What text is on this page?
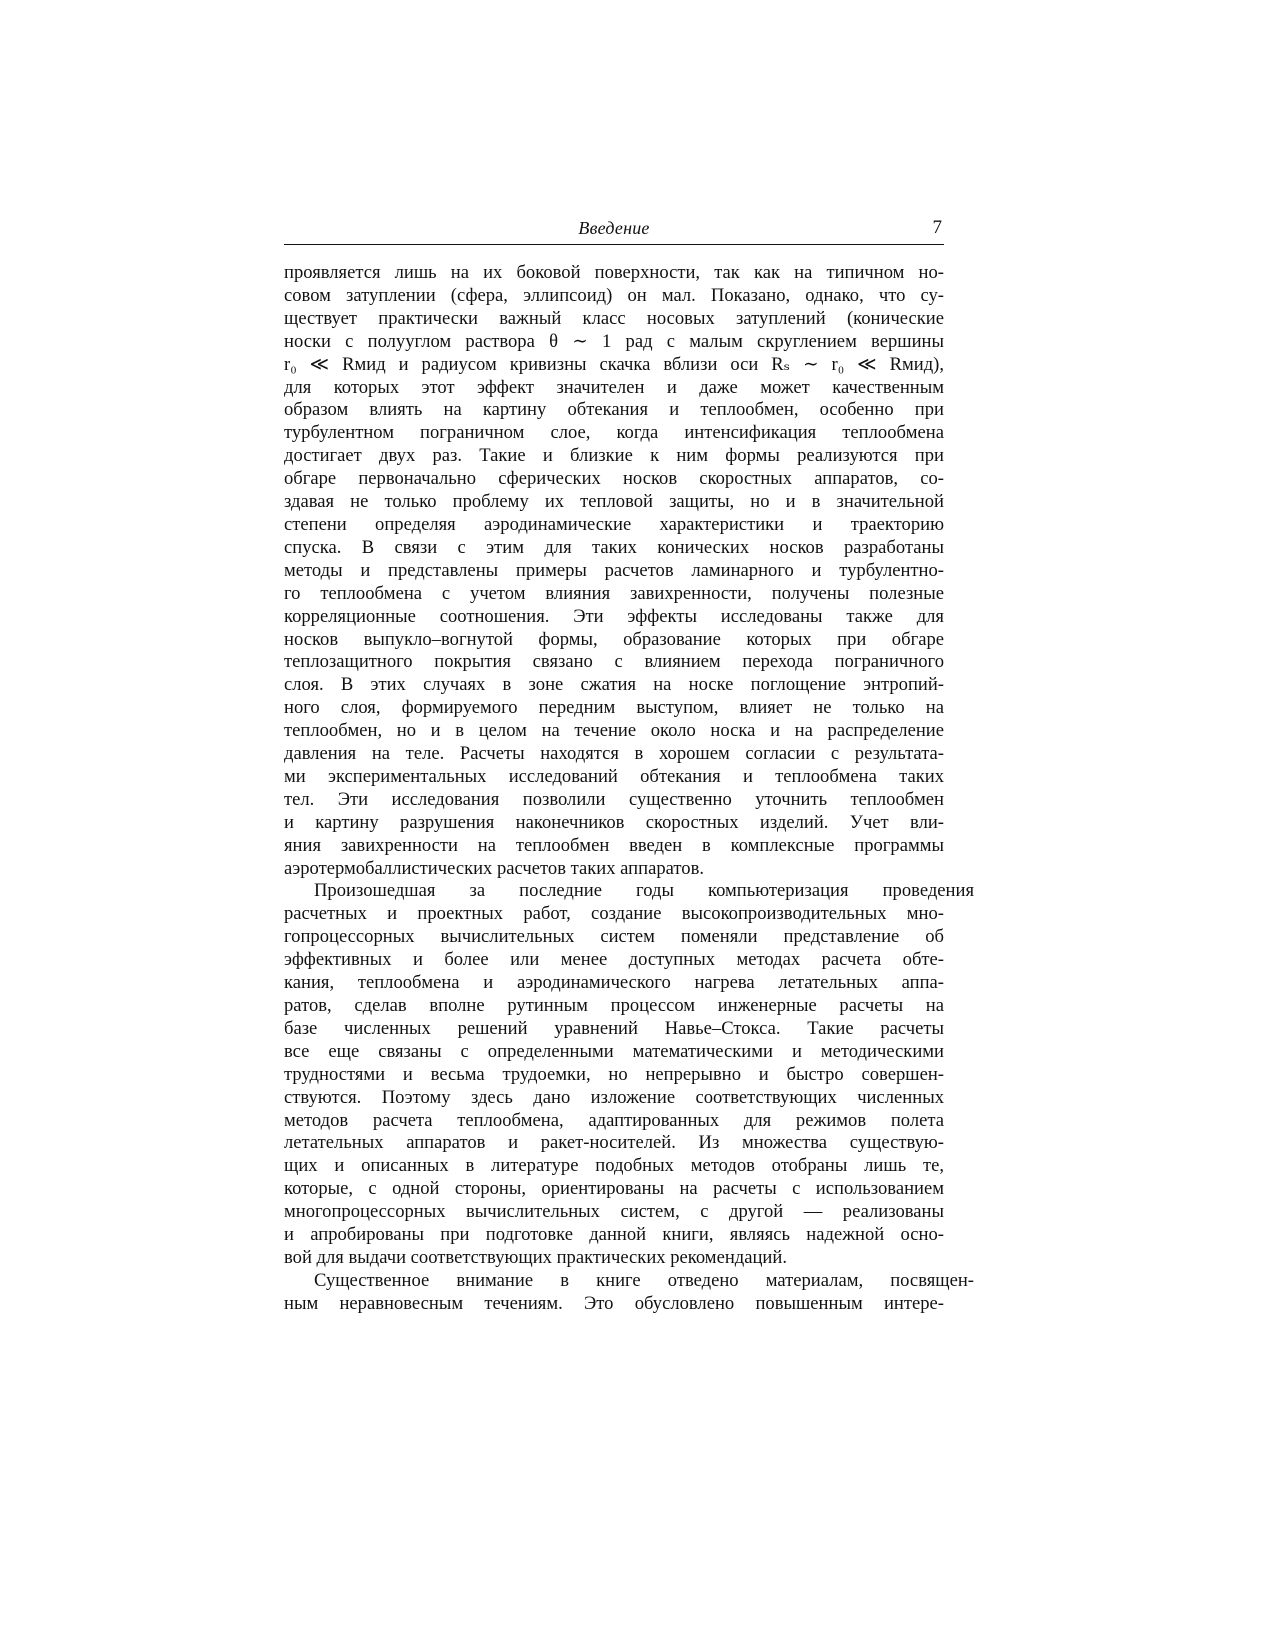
Введение	7

проявляется лишь на их боковой поверхности, так как на типичном но-
совом затуплении (сфера, эллипсоид) он мал. Показано, однако, что су-
ществует практически важный класс носовых затуплений (конические
носки с полууглом раствора θ ∼ 1 рад с малым скруглением вершины
r₀ ≪ Rмид и радиусом кривизны скачка вблизи оси Rₛ ∼ r₀ ≪ Rмид),
для которых этот эффект значителен и даже может качественным
образом влиять на картину обтекания и теплообмен, особенно при
турбулентном пограничном слое, когда интенсификация теплообмена
достигает двух раз. Такие и близкие к ним формы реализуются при
обгаре первоначально сферических носков скоростных аппаратов, со-
здавая не только проблему их тепловой защиты, но и в значительной
степени определяя аэродинамические характеристики и траекторию
спуска. В связи с этим для таких конических носков разработаны
методы и представлены примеры расчетов ламинарного и турбулентно-
го теплообмена с учетом влияния завихренности, получены полезные
корреляционные соотношения. Эти эффекты исследованы также для
носков выпукло–вогнутой формы, образование которых при обгаре
теплозащитного покрытия связано с влиянием перехода пограничного
слоя. В этих случаях в зоне сжатия на носке поглощение энтропий-
ного слоя, формируемого передним выступом, влияет не только на
теплообмен, но и в целом на течение около носка и на распределение
давления на теле. Расчеты находятся в хорошем согласии с результата-
ми экспериментальных исследований обтекания и теплообмена таких
тел. Эти исследования позволили существенно уточнить теплообмен
и картину разрушения наконечников скоростных изделий. Учет вли-
яния завихренности на теплообмен введен в комплексные программы
аэротермобаллистических расчетов таких аппаратов.

Произошедшая за последние годы компьютеризация проведения
расчетных и проектных работ, создание высокопроизводительных мно-
гопроцессорных вычислительных систем поменяли представление об
эффективных и более или менее доступных методах расчета обте-
кания, теплообмена и аэродинамического нагрева летательных аппа-
ратов, сделав вполне рутинным процессом инженерные расчеты на
базе численных решений уравнений Навье–Стокса. Такие расчеты
все еще связаны с определенными математическими и методическими
трудностями и весьма трудоемки, но непрерывно и быстро совершен-
ствуются. Поэтому здесь дано изложение соответствующих численных
методов расчета теплообмена, адаптированных для режимов полета
летательных аппаратов и ракет-носителей. Из множества существую-
щих и описанных в литературе подобных методов отобраны лишь те,
которые, с одной стороны, ориентированы на расчеты с использованием
многопроцессорных вычислительных систем, с другой — реализованы
и апробированы при подготовке данной книги, являясь надежной осно-
вой для выдачи соответствующих практических рекомендаций.

Существенное внимание в книге отведено материалам, посвящен-
ным неравновесным течениям. Это обусловлено повышенным интере-
